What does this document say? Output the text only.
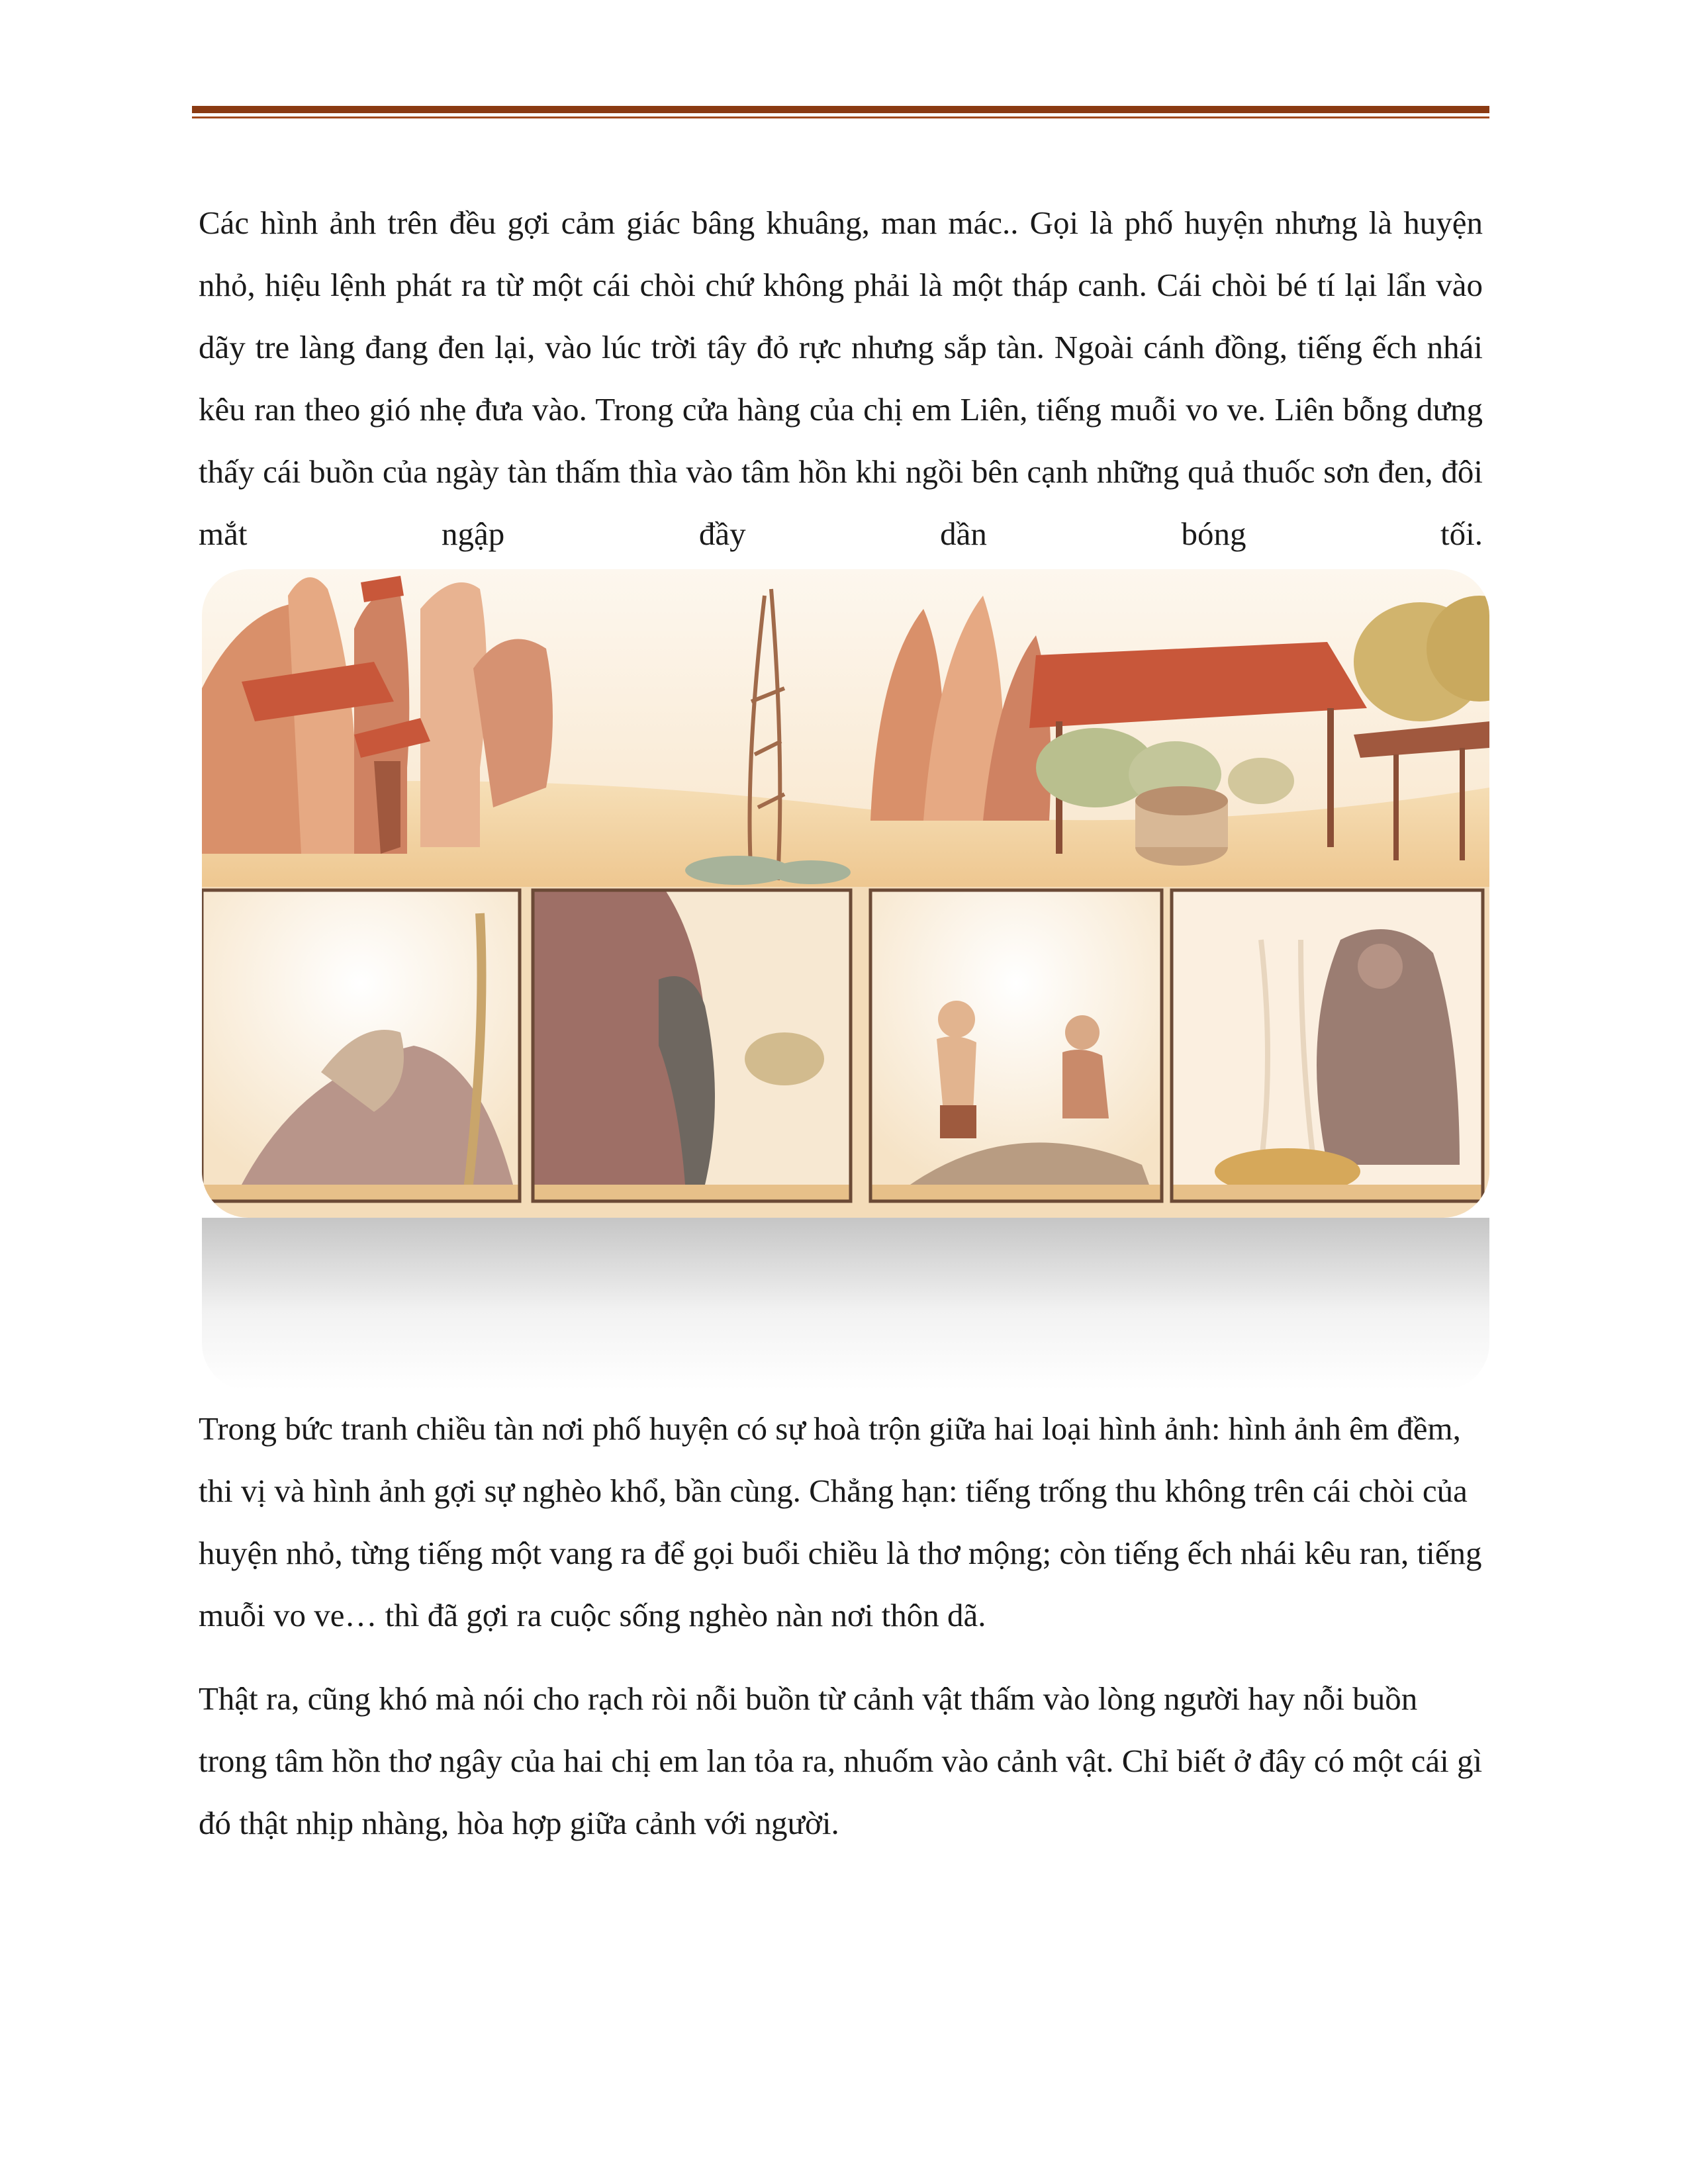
Các hình ảnh trên đều gợi cảm giác bâng khuâng, man mác.. Gọi là phố huyện nhưng là huyện nhỏ, hiệu lệnh phát ra từ một cái chòi chứ không phải là một tháp canh. Cái chòi bé tí lại lẩn vào dãy tre làng đang đen lại, vào lúc trời tây đỏ rực nhưng sắp tàn. Ngoài cánh đồng, tiếng ếch nhái kêu ran theo gió nhẹ đưa vào. Trong cửa hàng của chị em Liên, tiếng muỗi vo ve. Liên bỗng dưng thấy cái buồn của ngày tàn thấm thìa vào tâm hồn khi ngồi bên cạnh những quả thuốc sơn đen, đôi mắt ngập đầy dần bóng tối.

Trong bức tranh chiều tàn nơi phố huyện có sự hoà trộn giữa hai loại hình ảnh: hình ảnh êm đềm, thi vị và hình ảnh gợi sự nghèo khổ, bần cùng. Chẳng hạn: tiếng trống thu không trên cái chòi của huyện nhỏ, từng tiếng một vang ra để gọi buổi chiều là thơ mộng; còn tiếng ếch nhái kêu ran, tiếng muỗi vo ve… thì đã gợi ra cuộc sống nghèo nàn nơi thôn dã.

Thật ra, cũng khó mà nói cho rạch ròi nỗi buồn từ cảnh vật thấm vào lòng người hay nỗi buồn trong tâm hồn thơ ngây của hai chị em lan tỏa ra, nhuốm vào cảnh vật. Chỉ biết ở đây có một cái gì đó thật nhịp nhàng, hòa hợp giữa cảnh với người.
